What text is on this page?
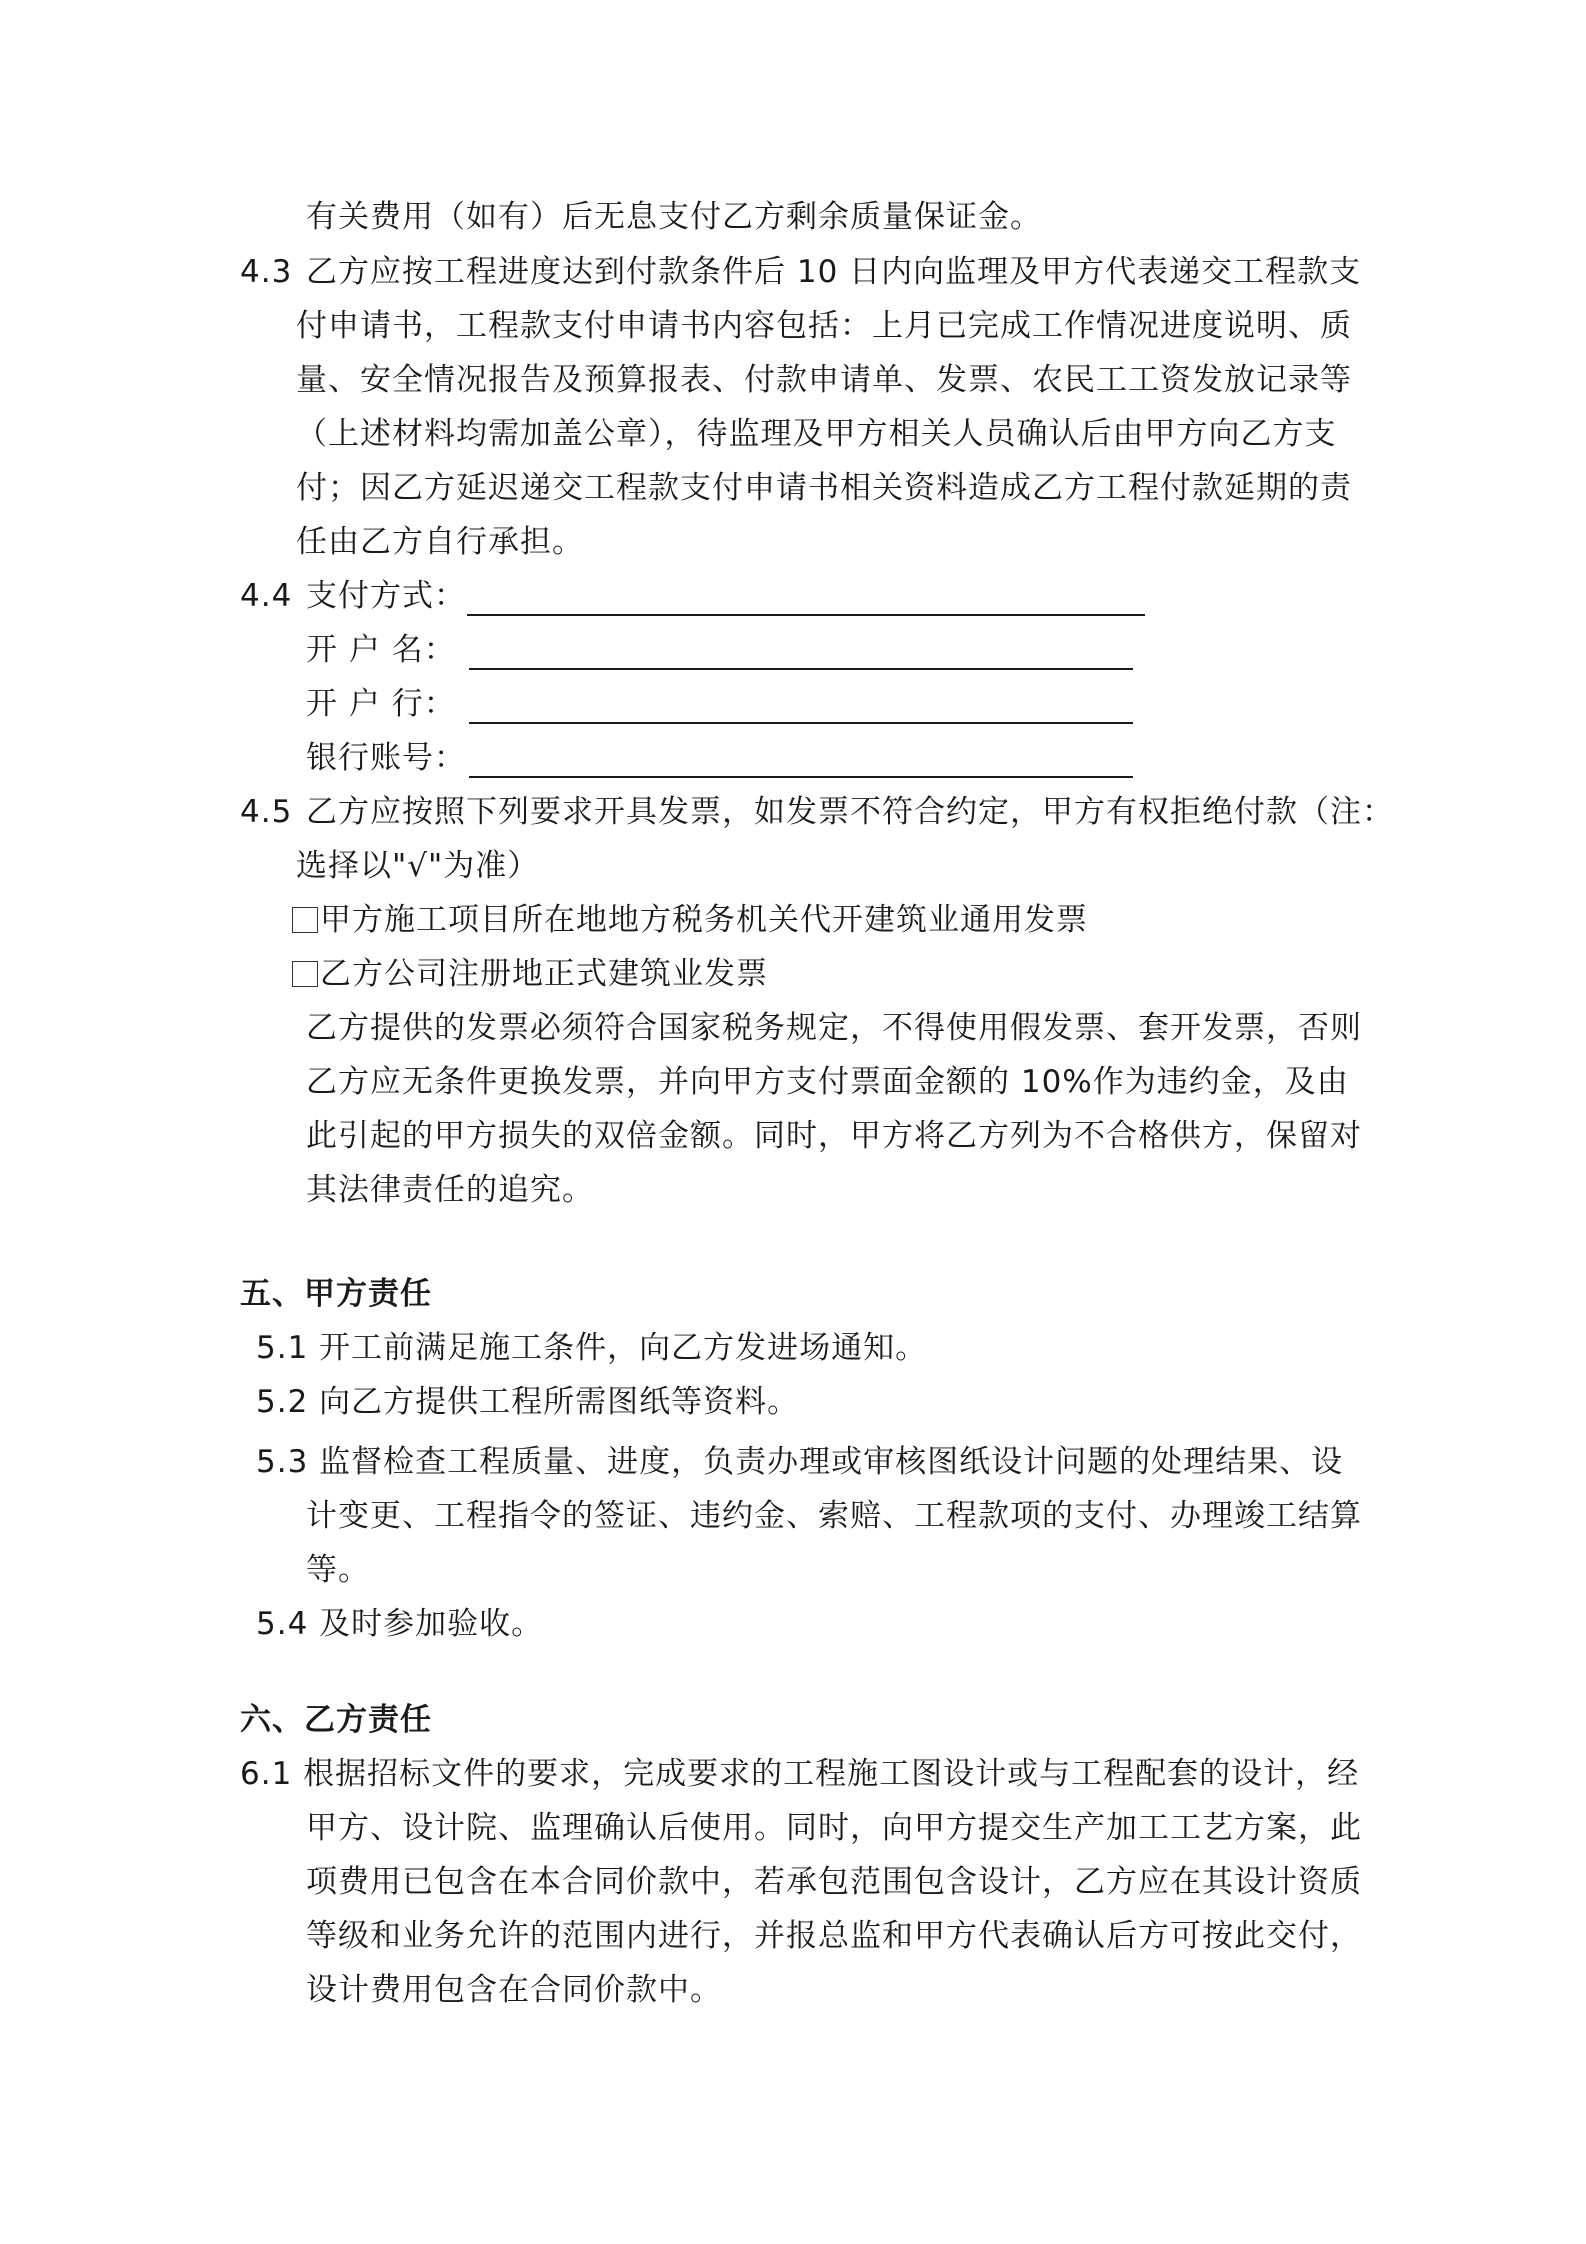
有关费用（如有）后无息支付乙方剩余质量保证金。
4.3 乙方应按工程进度达到付款条件后 10 日内向监理及甲方代表递交工程款支
付申请书，工程款支付申请书内容包括：上月已完成工作情况进度说明、质
量、安全情况报告及预算报表、付款申请单、发票、农民工工资发放记录等
（上述材料均需加盖公章），待监理及甲方相关人员确认后由甲方向乙方支
付；因乙方延迟递交工程款支付申请书相关资料造成乙方工程付款延期的责
任由乙方自行承担。
4.4 支付方式：
开 户 名：
开 户 行：
银行账号：
4.5 乙方应按照下列要求开具发票，如发票不符合约定，甲方有权拒绝付款（注：
选择以"√"为准）
甲方施工项目所在地地方税务机关代开建筑业通用发票
乙方公司注册地正式建筑业发票
乙方提供的发票必须符合国家税务规定，不得使用假发票、套开发票，否则
乙方应无条件更换发票，并向甲方支付票面金额的 10%作为违约金，及由
此引起的甲方损失的双倍金额。同时，甲方将乙方列为不合格供方，保留对
其法律责任的追究。
五、甲方责任
5.1 开工前满足施工条件，向乙方发进场通知。
5.2 向乙方提供工程所需图纸等资料。
5.3 监督检查工程质量、进度，负责办理或审核图纸设计问题的处理结果、设
计变更、工程指令的签证、违约金、索赔、工程款项的支付、办理竣工结算
等。
5.4 及时参加验收。
六、乙方责任
6.1 根据招标文件的要求，完成要求的工程施工图设计或与工程配套的设计，经
甲方、设计院、监理确认后使用。同时，向甲方提交生产加工工艺方案，此
项费用已包含在本合同价款中，若承包范围包含设计，乙方应在其设计资质
等级和业务允许的范围内进行，并报总监和甲方代表确认后方可按此交付，
设计费用包含在合同价款中。
